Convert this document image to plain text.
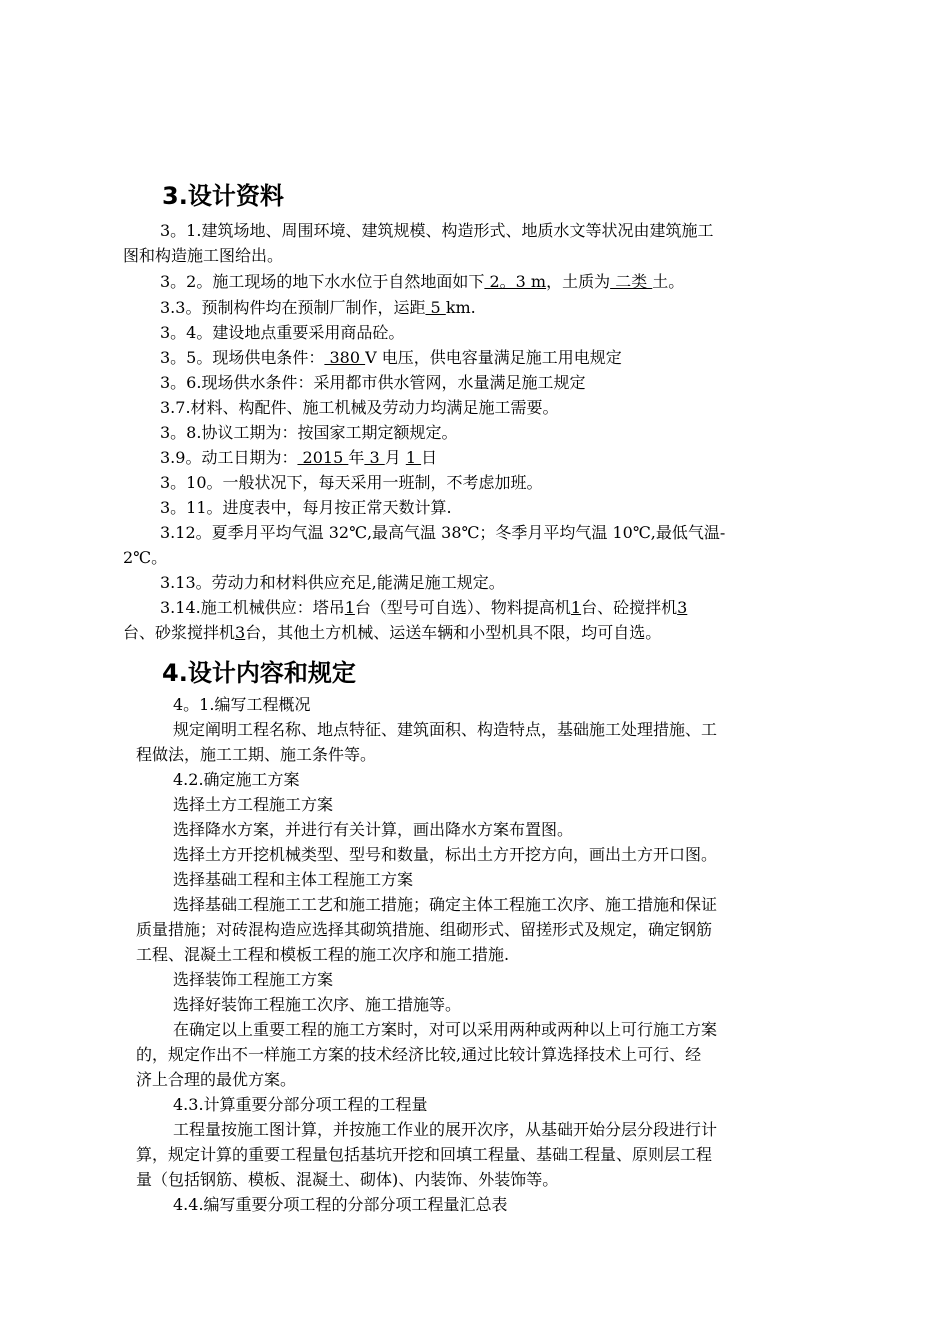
3.设计资料
3。1.建筑场地、周围环境、建筑规模、构造形式、地质水文等状况由建筑施工
图和构造施工图给出。
3。2。施工现场的地下水水位于自然地面如下 2。3 m，土质为 二类 土。
3.3。预制构件均在预制厂制作，运距 5 km.
3。4。建设地点重要采用商品砼。
3。5。现场供电条件： 380 V 电压，供电容量满足施工用电规定
3。6.现场供水条件：采用都市供水管网，水量满足施工规定
3.7.材料、构配件、施工机械及劳动力均满足施工需要。
3。8.协议工期为：按国家工期定额规定。
3.9。动工日期为： 2015 年 3 月 1 日
3。10。一般状况下，每天采用一班制，不考虑加班。
3。11。进度表中，每月按正常天数计算.
3.12。夏季月平均气温 32℃,最高气温 38℃；冬季月平均气温 10℃,最低气温-
2℃。
3.13。劳动力和材料供应充足,能满足施工规定。
3.14.施工机械供应：塔吊1台（型号可自选）、物料提高机1台、砼搅拌机3
台、砂浆搅拌机3台，其他土方机械、运送车辆和小型机具不限，均可自选。
4.设计内容和规定
4。1.编写工程概况
规定阐明工程名称、地点特征、建筑面积、构造特点，基础施工处理措施、工
程做法，施工工期、施工条件等。
4.2.确定施工方案
选择土方工程施工方案
选择降水方案，并进行有关计算，画出降水方案布置图。
选择土方开挖机械类型、型号和数量，标出土方开挖方向，画出土方开口图。
选择基础工程和主体工程施工方案
选择基础工程施工工艺和施工措施；确定主体工程施工次序、施工措施和保证
质量措施；对砖混构造应选择其砌筑措施、组砌形式、留搓形式及规定，确定钢筋
工程、混凝土工程和模板工程的施工次序和施工措施.
选择装饰工程施工方案
选择好装饰工程施工次序、施工措施等。
在确定以上重要工程的施工方案时，对可以采用两种或两种以上可行施工方案
的，规定作出不一样施工方案的技术经济比较,通过比较计算选择技术上可行、经
济上合理的最优方案。
4.3.计算重要分部分项工程的工程量
工程量按施工图计算，并按施工作业的展开次序，从基础开始分层分段进行计
算，规定计算的重要工程量包括基坑开挖和回填工程量、基础工程量、原则层工程
量（包括钢筋、模板、混凝土、砌体)、内装饰、外装饰等。
4.4.编写重要分项工程的分部分项工程量汇总表
